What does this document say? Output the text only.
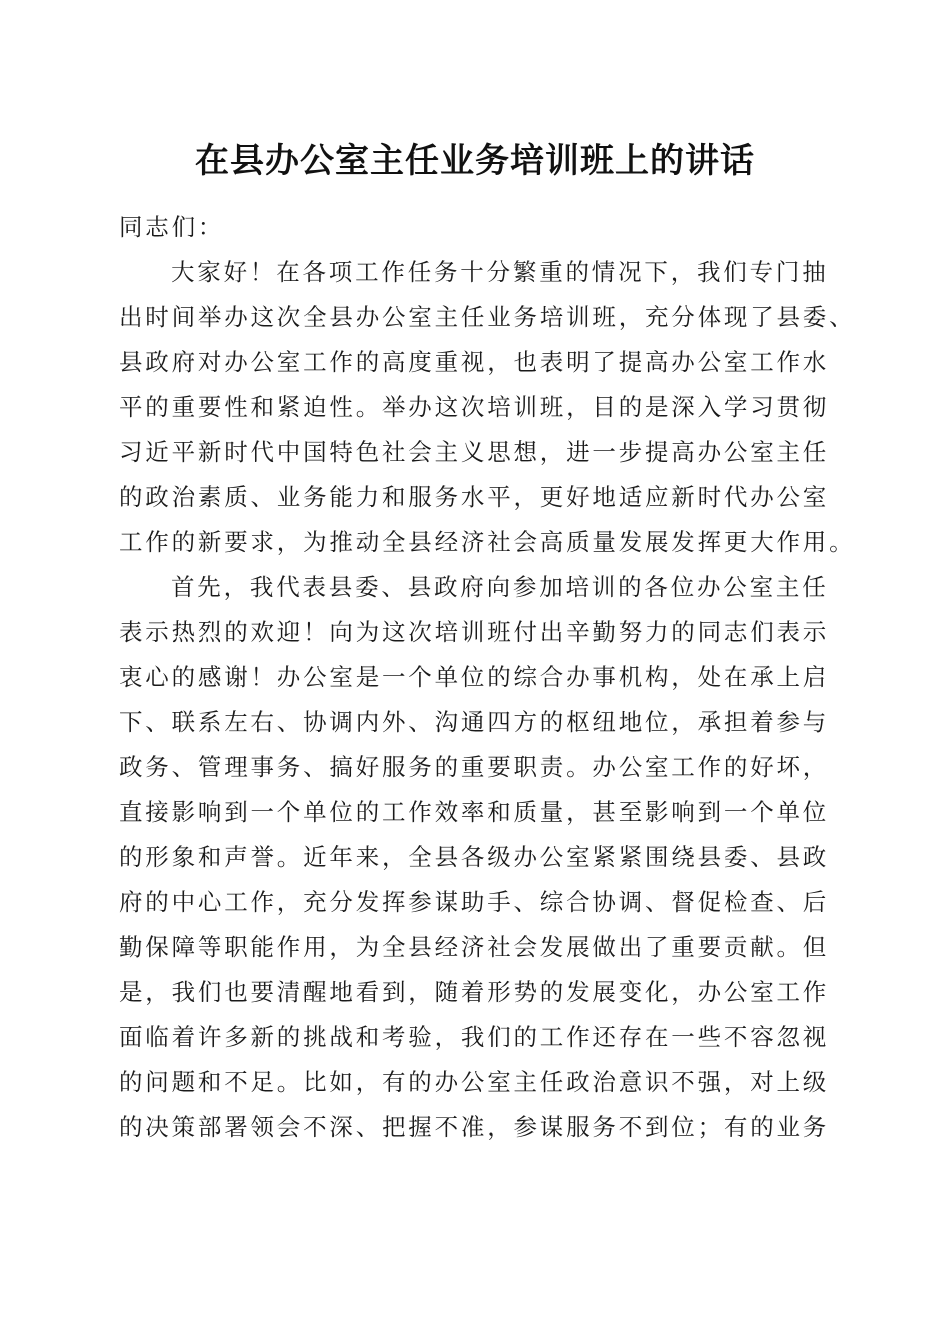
在县办公室主任业务培训班上的讲话
同志们：
大家好！在各项工作任务十分繁重的情况下，我们专门抽
出时间举办这次全县办公室主任业务培训班，充分体现了县委、
县政府对办公室工作的高度重视，也表明了提高办公室工作水
平的重要性和紧迫性。举办这次培训班，目的是深入学习贯彻
习近平新时代中国特色社会主义思想，进一步提高办公室主任
的政治素质、业务能力和服务水平，更好地适应新时代办公室
工作的新要求，为推动全县经济社会高质量发展发挥更大作用。
首先，我代表县委、县政府向参加培训的各位办公室主任
表示热烈的欢迎！向为这次培训班付出辛勤努力的同志们表示
衷心的感谢！办公室是一个单位的综合办事机构，处在承上启
下、联系左右、协调内外、沟通四方的枢纽地位，承担着参与
政务、管理事务、搞好服务的重要职责。办公室工作的好坏，
直接影响到一个单位的工作效率和质量，甚至影响到一个单位
的形象和声誉。近年来，全县各级办公室紧紧围绕县委、县政
府的中心工作，充分发挥参谋助手、综合协调、督促检查、后
勤保障等职能作用，为全县经济社会发展做出了重要贡献。但
是，我们也要清醒地看到，随着形势的发展变化，办公室工作
面临着许多新的挑战和考验，我们的工作还存在一些不容忽视
的问题和不足。比如，有的办公室主任政治意识不强，对上级
的决策部署领会不深、把握不准，参谋服务不到位；有的业务
